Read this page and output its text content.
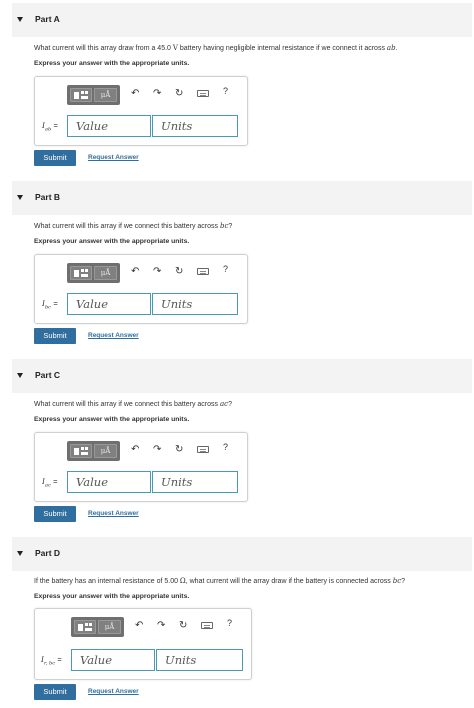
Part A
What current will this array draw from a 45.0 V battery having negligible internal resistance if we connect it across ab.
Express your answer with the appropriate units.
μÅ	↶ ↷ ↻	?
$I_{ab}$ =
Value
Units
Submit	Request Answer
Part B
What current will this array if we connect this battery across bc?
Express your answer with the appropriate units.
μÅ	↶ ↷ ↻	?
$I_{bc}$ =
Value
Units
Submit	Request Answer
Part C
What current will this array if we connect this battery across ac?
Express your answer with the appropriate units.
μÅ	↶ ↷ ↻	?
$I_{ac}$ =
Value
Units
Submit	Request Answer
Part D
If the battery has an internal resistance of 5.00 Ω, what current will the array draw if the battery is connected across bc?
Express your answer with the appropriate units.
μÅ	↶ ↷ ↻	?
$I_{r, bc}$ =
Value
Units
Submit	Request Answer
